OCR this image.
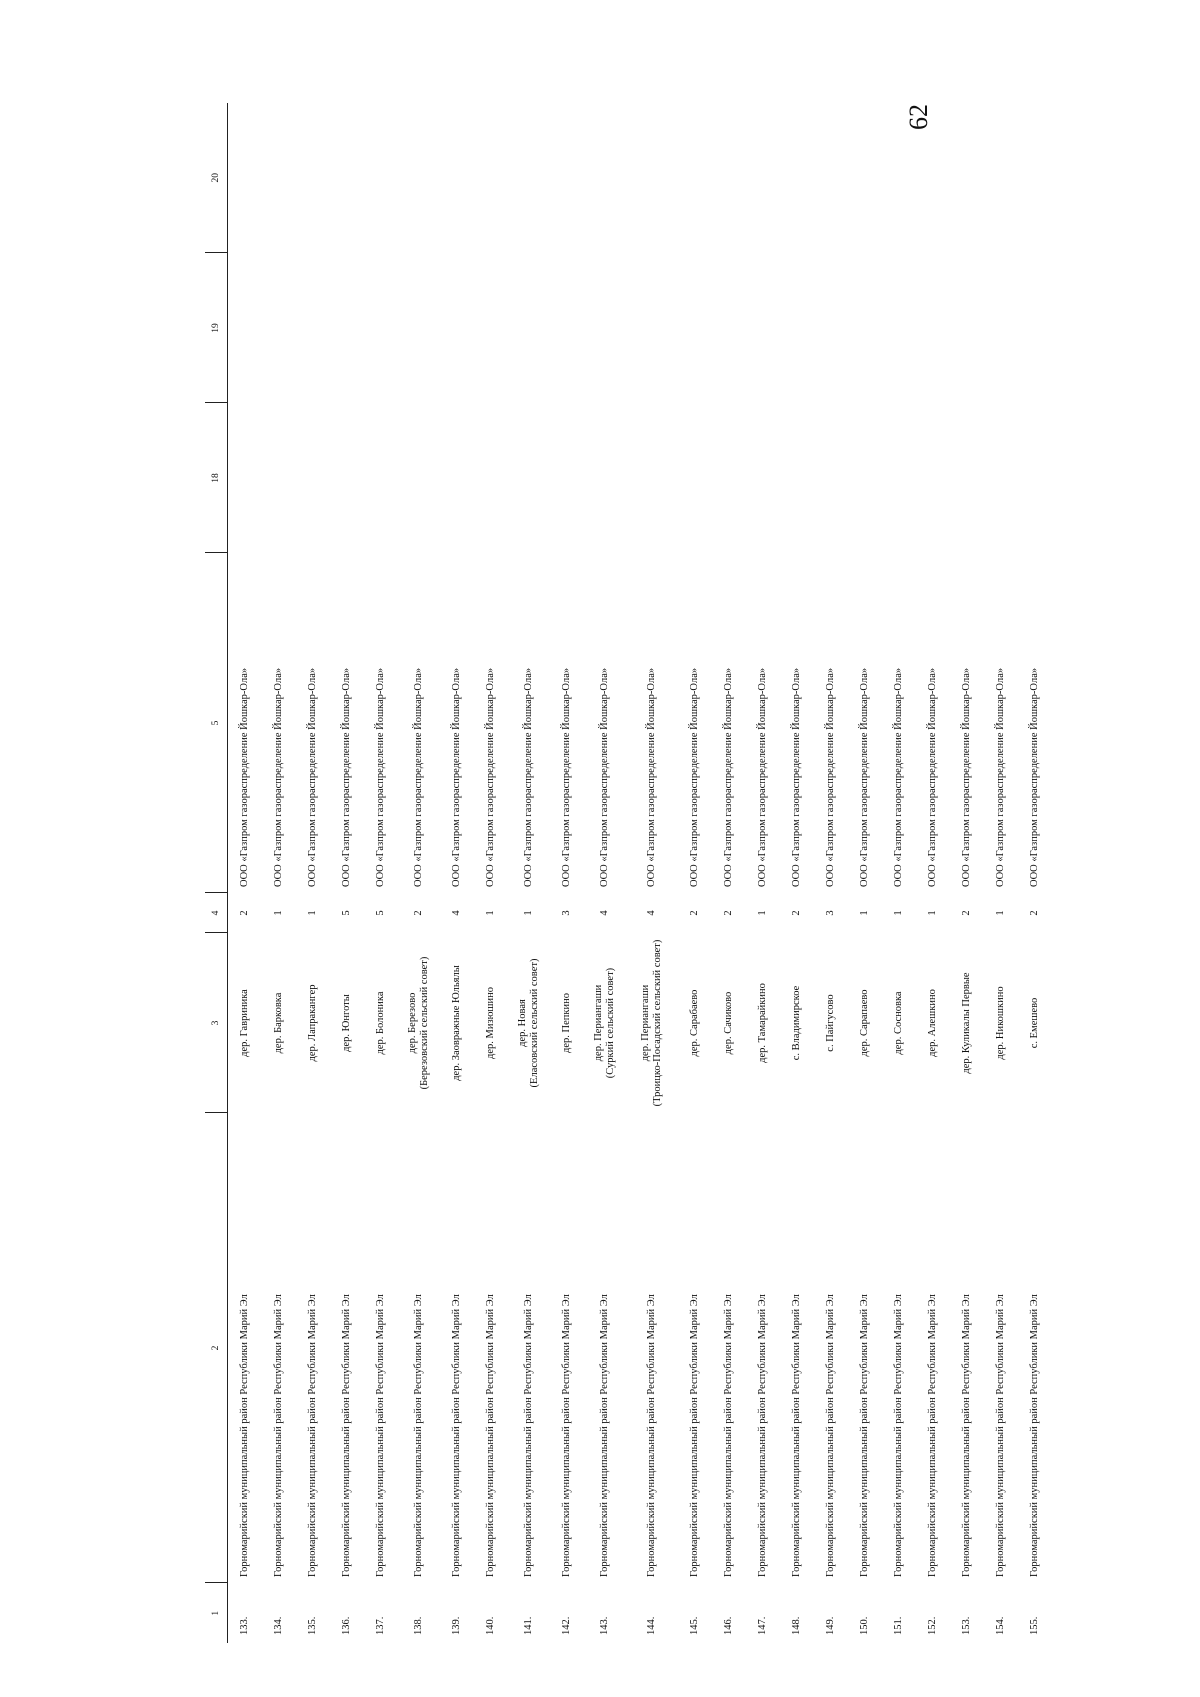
62
1	2	3	4	5	18	19	20
133.	Горномарийский муниципальный район Республики Марий Эл	дер. Гавриника	2	ООО «Газпром газораспределение Йошкар-Ола»			
134.	Горномарийский муниципальный район Республики Марий Эл	дер. Барковка	1	ООО «Газпром газораспределение Йошкар-Ола»			
135.	Горномарийский муниципальный район Республики Марий Эл	дер. Лапракангер	1	ООО «Газпром газораспределение Йошкар-Ола»			
136.	Горномарийский муниципальный район Республики Марий Эл	дер. Юнготы	5	ООО «Газпром газораспределение Йошкар-Ола»			
137.	Горномарийский муниципальный район Республики Марий Эл	дер. Болоника	5	ООО «Газпром газораспределение Йошкар-Ола»			
138.	Горномарийский муниципальный район Республики Марий Эл	дер. Березово
(Березовский сельский совет)	2	ООО «Газпром газораспределение Йошкар-Ола»			
139.	Горномарийский муниципальный район Республики Марий Эл	дер. Заовражные Юльялы	4	ООО «Газпром газораспределение Йошкар-Ола»			
140.	Горномарийский муниципальный район Республики Марий Эл	дер. Мизюшино	1	ООО «Газпром газораспределение Йошкар-Ола»			
141.	Горномарийский муниципальный район Республики Марий Эл	дер. Новая
(Еласовский сельский совет)	1	ООО «Газпром газораспределение Йошкар-Ола»			
142.	Горномарийский муниципальный район Республики Марий Эл	дер. Пепкино	3	ООО «Газпром газораспределение Йошкар-Ола»			
143.	Горномарийский муниципальный район Республики Марий Эл	дер. Периангаши
(Суркий сельский совет)	4	ООО «Газпром газораспределение Йошкар-Ола»			
144.	Горномарийский муниципальный район Республики Марий Эл	дер. Периангаши
(Троицко-Посадский сельский совет)	4	ООО «Газпром газораспределение Йошкар-Ола»			
145.	Горномарийский муниципальный район Республики Марий Эл	дер. Сарабаево	2	ООО «Газпром газораспределение Йошкар-Ола»			
146.	Горномарийский муниципальный район Республики Марий Эл	дер. Сачиково	2	ООО «Газпром газораспределение Йошкар-Ола»			
147.	Горномарийский муниципальный район Республики Марий Эл	дер. Тамарайкино	1	ООО «Газпром газораспределение Йошкар-Ола»			
148.	Горномарийский муниципальный район Республики Марий Эл	с. Владимирское	2	ООО «Газпром газораспределение Йошкар-Ола»			
149.	Горномарийский муниципальный район Республики Марий Эл	с. Пайгусово	3	ООО «Газпром газораспределение Йошкар-Ола»			
150.	Горномарийский муниципальный район Республики Марий Эл	дер. Сарапаево	1	ООО «Газпром газораспределение Йошкар-Ола»			
151.	Горномарийский муниципальный район Республики Марий Эл	дер. Сосновка	1	ООО «Газпром газораспределение Йошкар-Ола»			
152.	Горномарийский муниципальный район Республики Марий Эл	дер. Алешкино	1	ООО «Газпром газораспределение Йошкар-Ола»			
153.	Горномарийский муниципальный район Республики Марий Эл	дер. Куликалы Первые	2	ООО «Газпром газораспределение Йошкар-Ола»			
154.	Горномарийский муниципальный район Республики Марий Эл	дер. Никошкино	1	ООО «Газпром газораспределение Йошкар-Ола»			
155.	Горномарийский муниципальный район Республики Марий Эл	с. Емешево	2	ООО «Газпром газораспределение Йошкар-Ола»			
